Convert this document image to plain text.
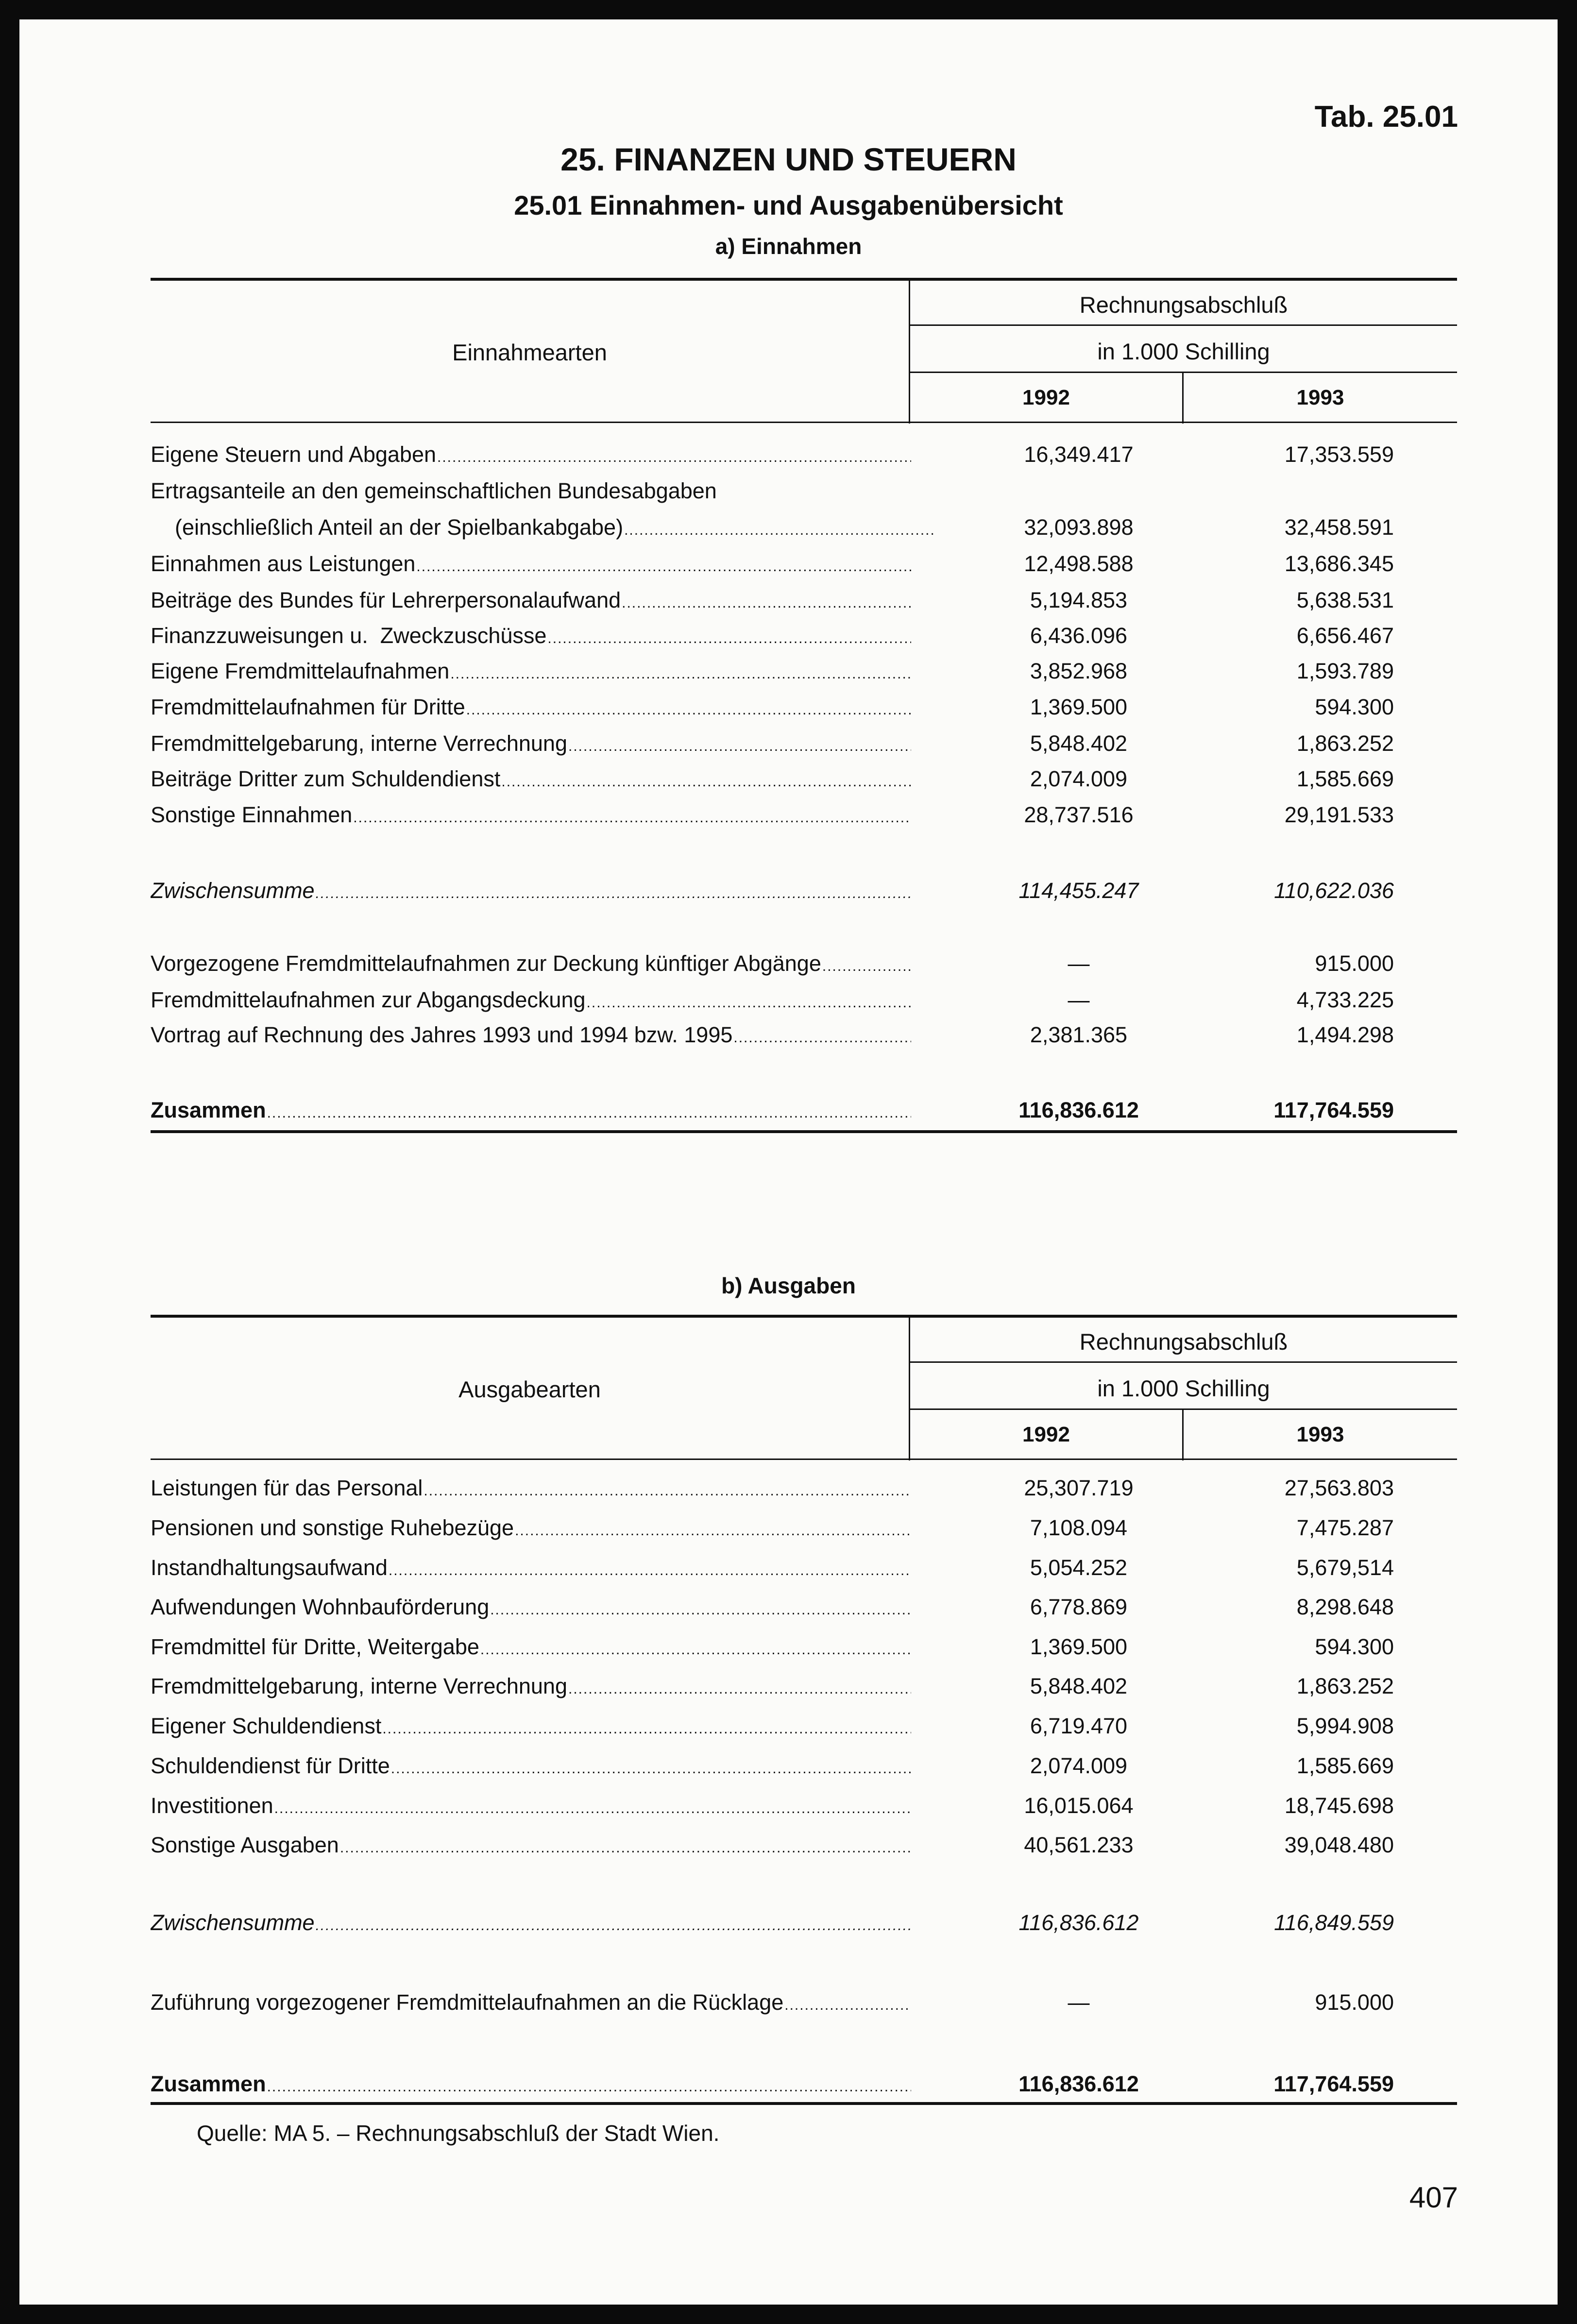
Tab. 25.01
25. FINANZEN UND STEUERN
25.01 Einnahmen- und Ausgabenübersicht
a) Einnahmen
Einnahmearten
Rechnungsabschluß
in 1.000 Schilling
1992	1993
Eigene Steuern und Abgaben .....	16,349.417	17,353.559
Ertragsanteile an den gemeinschaftlichen Bundesabgaben
(einschließlich Anteil an der Spielbankabgabe) .....	32,093.898	32,458.591
Einnahmen aus Leistungen .....	12,498.588	13,686.345
Beiträge des Bundes für Lehrerpersonalaufwand .....	5,194.853	5,638.531
Finanzzuweisungen u.  Zweckzuschüsse .....	6,436.096	6,656.467
Eigene Fremdmittelaufnahmen .....	3,852.968	1,593.789
Fremdmittelaufnahmen für Dritte .....	1,369.500	594.300
Fremdmittelgebarung, interne Verrechnung .....	5,848.402	1,863.252
Beiträge Dritter zum Schuldendienst .....	2,074.009	1,585.669
Sonstige Einnahmen .....	28,737.516	29,191.533
Zwischensumme .....	114,455.247	110,622.036
Vorgezogene Fremdmittelaufnahmen zur Deckung künftiger Abgänge .....	—	915.000
Fremdmittelaufnahmen zur Abgangsdeckung .....	—	4,733.225
Vortrag auf Rechnung des Jahres 1993 und 1994 bzw. 1995 .....	2,381.365	1,494.298
Zusammen .....	116,836.612	117,764.559
b) Ausgaben
Ausgabearten
Rechnungsabschluß
in 1.000 Schilling
1992	1993
Leistungen für das Personal .....	25,307.719	27,563.803
Pensionen und sonstige Ruhebezüge .....	7,108.094	7,475.287
Instandhaltungsaufwand .....	5,054.252	5,679,514
Aufwendungen Wohnbauförderung .....	6,778.869	8,298.648
Fremdmittel für Dritte, Weitergabe .....	1,369.500	594.300
Fremdmittelgebarung, interne Verrechnung .....	5,848.402	1,863.252
Eigener Schuldendienst .....	6,719.470	5,994.908
Schuldendienst für Dritte .....	2,074.009	1,585.669
Investitionen .....	16,015.064	18,745.698
Sonstige Ausgaben .....	40,561.233	39,048.480
Zwischensumme .....	116,836.612	116,849.559
Zuführung vorgezogener Fremdmittelaufnahmen an die Rücklage .....	—	915.000
Zusammen .....	116,836.612	117,764.559
Quelle: MA 5. – Rechnungsabschluß der Stadt Wien.
407
